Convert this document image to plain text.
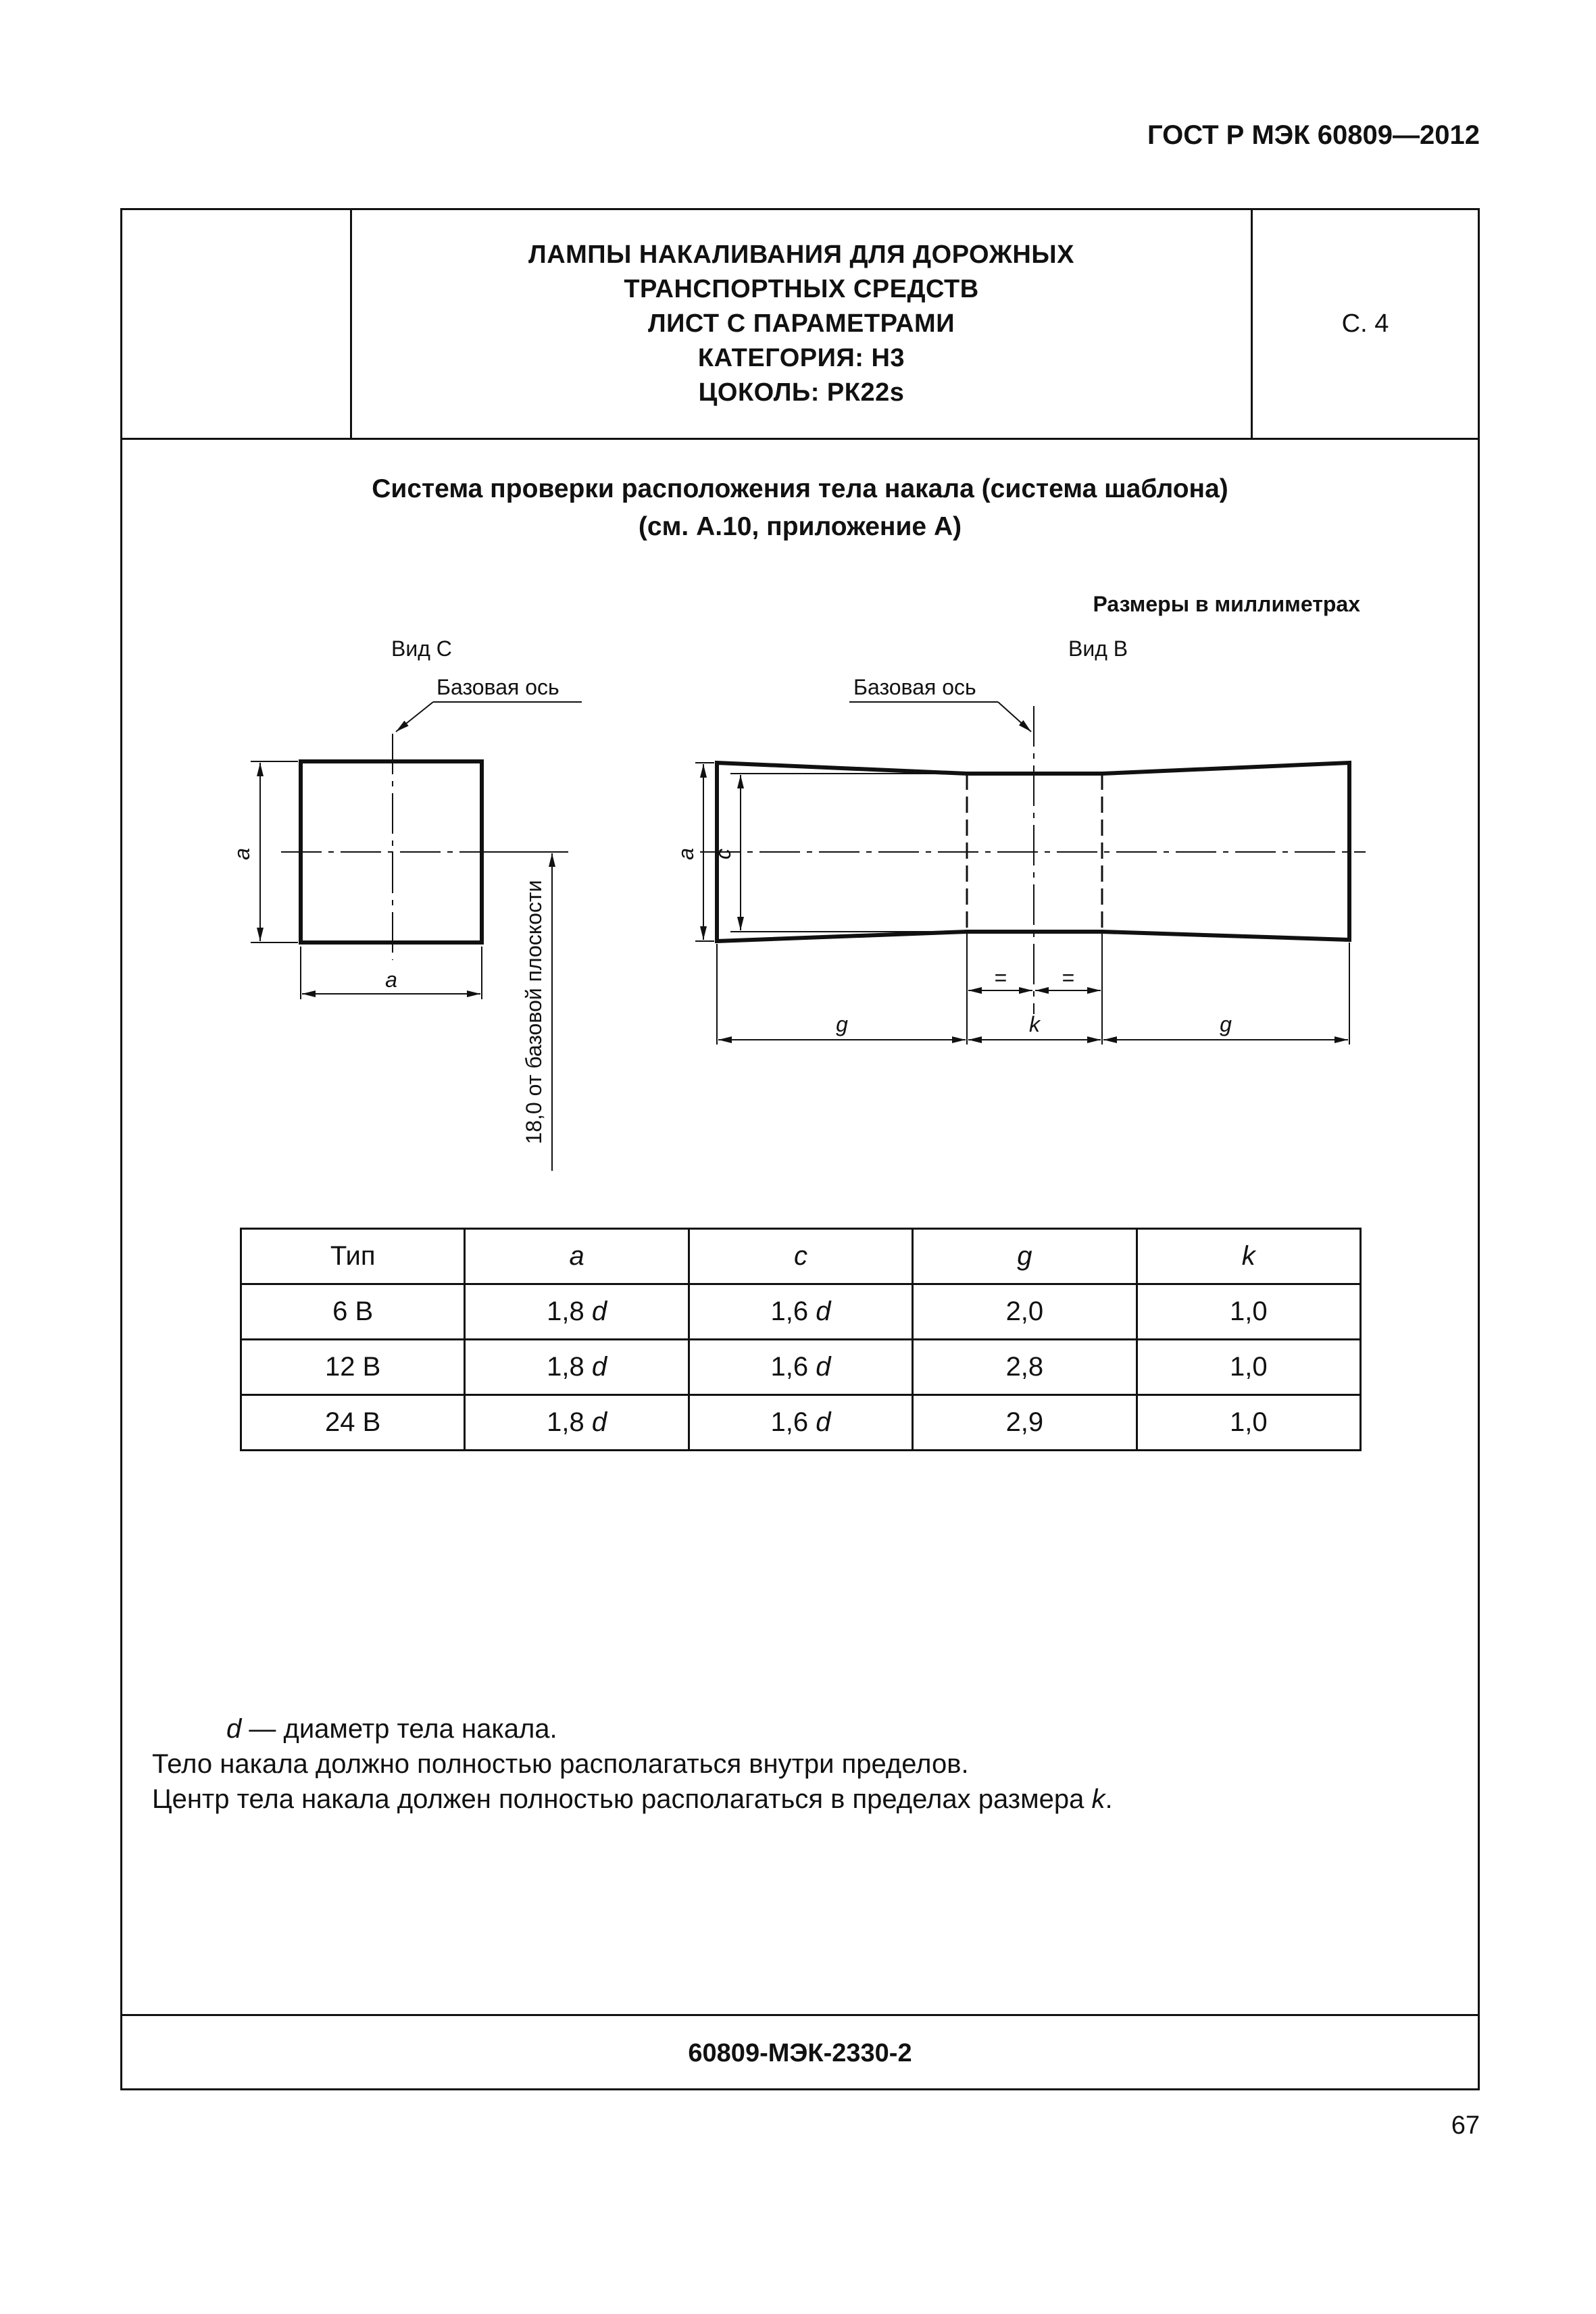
ГОСТ Р МЭК 60809—2012
ЛАМПЫ НАКАЛИВАНИЯ ДЛЯ ДОРОЖНЫХ
ТРАНСПОРТНЫХ СРЕДСТВ
ЛИСТ С ПАРАМЕТРАМИ
КАТЕГОРИЯ: Н3
ЦОКОЛЬ: РК22s
С. 4
Система проверки расположения тела накала (система шаблона)
(см. А.10, приложение А)
Размеры в миллиметрах
Вид С
Базовая ось
a
a	18,0 от базовой плоскости
Вид В
Базовая ось
a c
=	=
g	k	g
Тип	a	c	g	k
6 В	1,8 d	1,6 d	2,0	1,0
12 В	1,8 d	1,6 d	2,8	1,0
24 В	1,8 d	1,6 d	2,9	1,0
d — диаметр тела накала.
Тело накала должно полностью располагаться внутри пределов.
Центр тела накала должен полностью располагаться в пределах размера k.
60809-МЭК-2330-2
67
